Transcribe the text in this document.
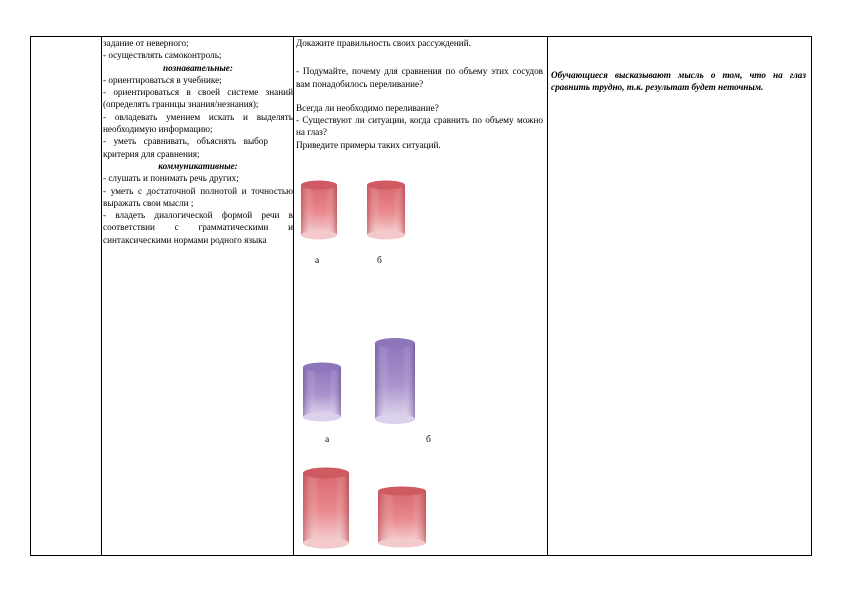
задание от неверного;
- осуществлять самоконтроль;
познавательные:
- ориентироваться в учебнике;
- ориентироваться в своей системе знаний (определять границы знания/незнания);
- овладевать умением искать и выделять необходимую информацию;
- уметь сравнивать, объяснять выбор критерия для сравнения;
коммуникативные:
- слушать и понимать речь других;
- уметь с достаточной полнотой и точностью выражать свои мысли ;
- владеть диалогической формой речи в соответствии с грамматическими и синтаксическими нормами родного языка
Докажите правильность своих рассуждений.
- Подумайте, почему для сравнения по объему этих сосудов вам понадобилось переливание?
Всегда ли необходимо переливание?
- Существуют ли ситуации, когда сравнить по объему можно на глаз?
Приведите примеры таких ситуаций.
а	б
а	б
Обучающиеся высказывают мысль о том, что на глаз сравнить трудно, т.к. результат будет неточным.
